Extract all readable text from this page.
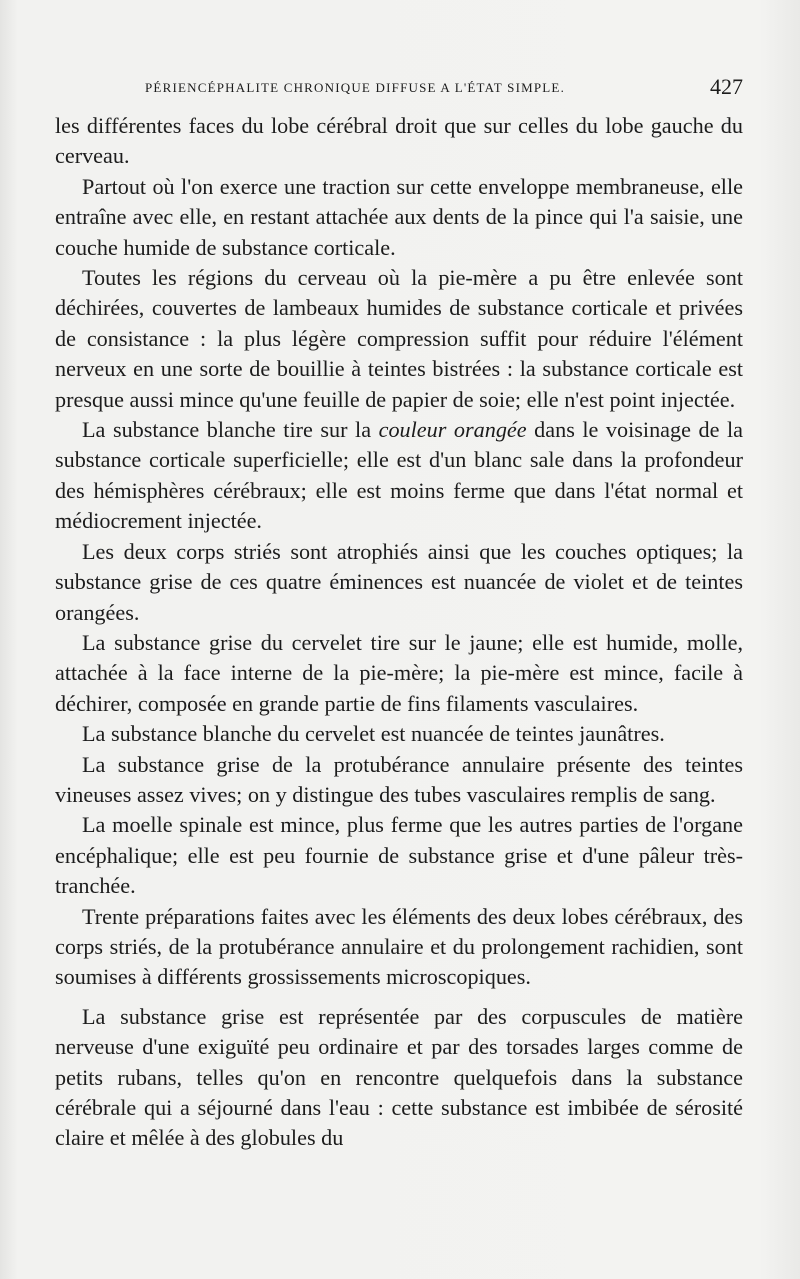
PÉRIENCÉPHALITE CHRONIQUE DIFFUSE A L'ÉTAT SIMPLE.	427

les différentes faces du lobe cérébral droit que sur celles du lobe gauche du cerveau.

Partout où l'on exerce une traction sur cette enveloppe membraneuse, elle entraîne avec elle, en restant attachée aux dents de la pince qui l'a saisie, une couche humide de substance corticale.

Toutes les régions du cerveau où la pie-mère a pu être enlevée sont déchirées, couvertes de lambeaux humides de substance corticale et privées de consistance : la plus légère compression suffit pour réduire l'élément nerveux en une sorte de bouillie à teintes bistrées : la substance corticale est presque aussi mince qu'une feuille de papier de soie; elle n'est point injectée.

La substance blanche tire sur la couleur orangée dans le voisinage de la substance corticale superficielle; elle est d'un blanc sale dans la profondeur des hémisphères cérébraux; elle est moins ferme que dans l'état normal et médiocrement injectée.

Les deux corps striés sont atrophiés ainsi que les couches optiques; la substance grise de ces quatre éminences est nuancée de violet et de teintes orangées.

La substance grise du cervelet tire sur le jaune; elle est humide, molle, attachée à la face interne de la pie-mère; la pie-mère est mince, facile à déchirer, composée en grande partie de fins filaments vasculaires.

La substance blanche du cervelet est nuancée de teintes jaunâtres.

La substance grise de la protubérance annulaire présente des teintes vineuses assez vives; on y distingue des tubes vasculaires remplis de sang.

La moelle spinale est mince, plus ferme que les autres parties de l'organe encéphalique; elle est peu fournie de substance grise et d'une pâleur très-tranchée.

Trente préparations faites avec les éléments des deux lobes cérébraux, des corps striés, de la protubérance annulaire et du prolongement rachidien, sont soumises à différents grossissements microscopiques.

La substance grise est représentée par des corpuscules de matière nerveuse d'une exiguïté peu ordinaire et par des torsades larges comme de petits rubans, telles qu'on en rencontre quelquefois dans la substance cérébrale qui a séjourné dans l'eau : cette substance est imbibée de sérosité claire et mêlée à des globules du
